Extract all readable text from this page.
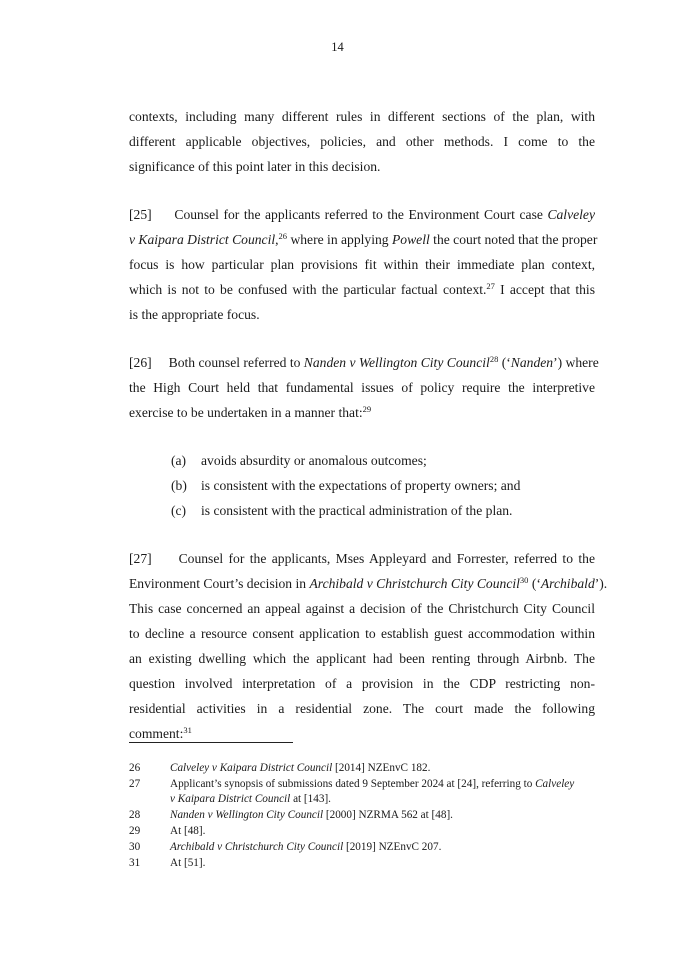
14
contexts, including many different rules in different sections of the plan, with
different applicable objectives, policies, and other methods. I come to the
significance of this point later in this decision.
[25] Counsel for the applicants referred to the Environment Court case Calveley
v Kaipara District Council,$^{26}$ where in applying Powell the court noted that the proper
focus is how particular plan provisions fit within their immediate plan context,
which is not to be confused with the particular factual context.$^{27}$ I accept that this
is the appropriate focus.
[26] Both counsel referred to Nanden v Wellington City Council$^{28}$ (‘Nanden’) where
the High Court held that fundamental issues of policy require the interpretive
exercise to be undertaken in a manner that:$^{29}$
(a) avoids absurdity or anomalous outcomes;
(b) is consistent with the expectations of property owners; and
(c) is consistent with the practical administration of the plan.
[27] Counsel for the applicants, Mses Appleyard and Forrester, referred to the
Environment Court’s decision in Archibald v Christchurch City Council$^{30}$ (‘Archibald’).
This case concerned an appeal against a decision of the Christchurch City Council
to decline a resource consent application to establish guest accommodation within
an existing dwelling which the applicant had been renting through Airbnb. The
question involved interpretation of a provision in the CDP restricting non-
residential activities in a residential zone. The court made the following
comment:$^{31}$
26	Calveley v Kaipara District Council [2014] NZEnvC 182.
27	Applicant’s synopsis of submissions dated 9 September 2024 at [24], referring to Calveley
v Kaipara District Council at [143].
28	Nanden v Wellington City Council [2000] NZRMA 562 at [48].
29	At [48].
30	Archibald v Christchurch City Council [2019] NZEnvC 207.
31	At [51].
